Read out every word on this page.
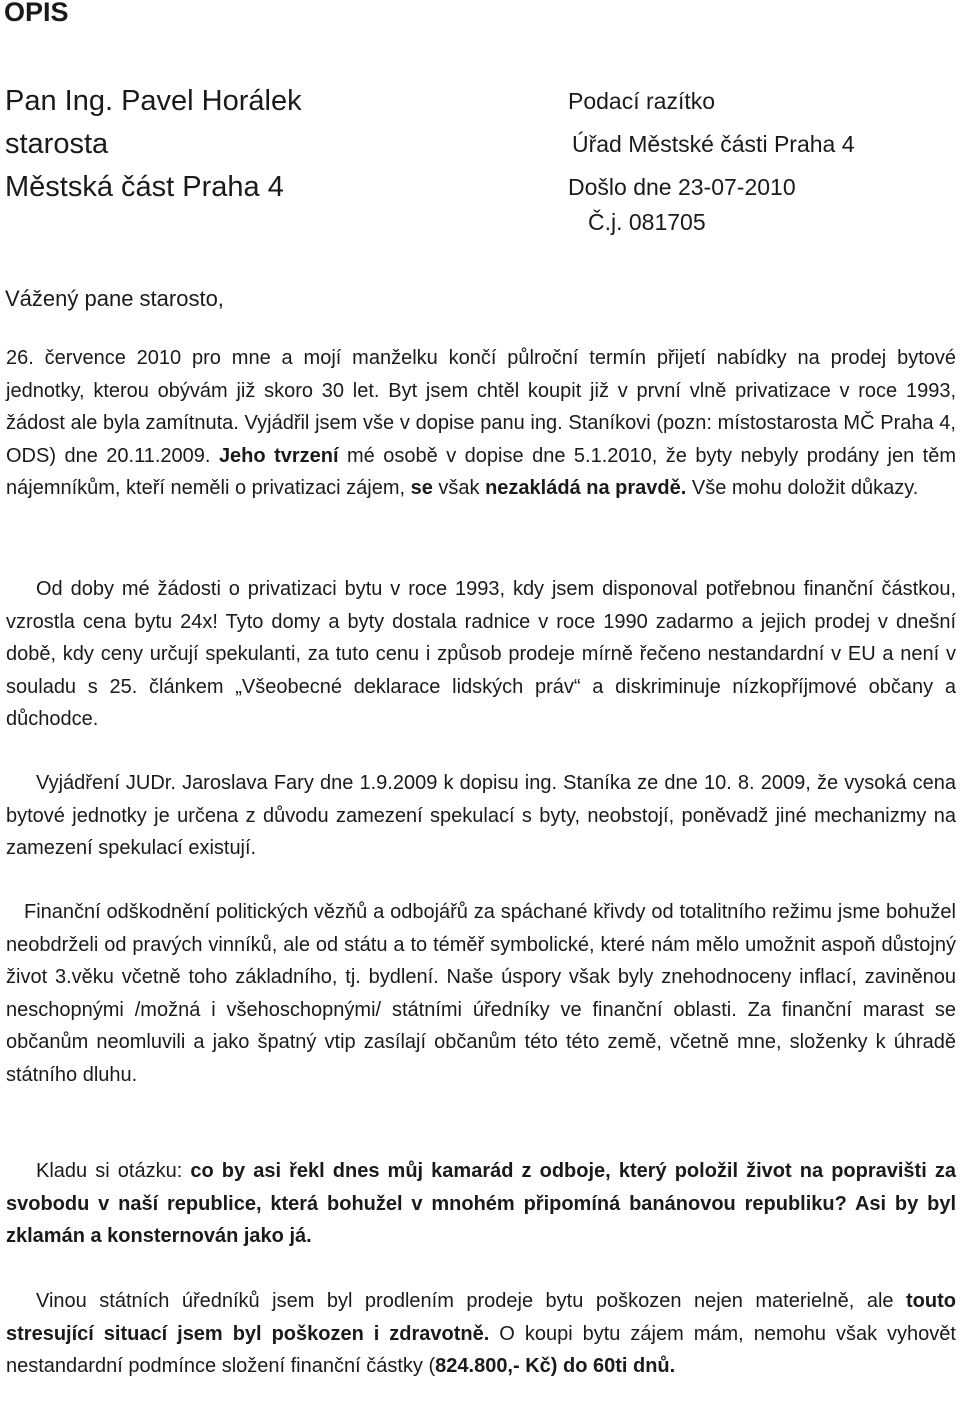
OPIS
Pan Ing. Pavel Horálek
starosta
Městská část Praha 4
Podací razítko
Úřad Městské části Praha 4
Došlo dne 23-07-2010
Č.j. 081705
Vážený pane starosto,

26. července 2010 pro mne a mojí manželku končí půlroční termín přijetí nabídky na prodej bytové jednotky, kterou obývám již skoro 30 let. Byt jsem chtěl koupit již v první vlně privatizace v roce 1993, žádost ale byla zamítnuta. Vyjádřil jsem vše v dopise panu ing. Staníkovi (pozn: místostarosta MČ Praha 4, ODS) dne 20.11.2009. Jeho tvrzení mé osobě v dopise dne 5.1.2010, že byty nebyly prodány jen těm nájemníkům, kteří neměli o privatizaci zájem, se však nezakládá na pravdě. Vše mohu doložit důkazy.

Od doby mé žádosti o privatizaci bytu v roce 1993, kdy jsem disponoval potřebnou finanční částkou, vzrostla cena bytu 24x! Tyto domy a byty dostala radnice v roce 1990 zadarmo a jejich prodej v dnešní době, kdy ceny určují spekulanti, za tuto cenu i způsob prodeje mírně řečeno nestandardní v EU a není v souladu s 25. článkem „Všeobecné deklarace lidských práv“ a diskriminuje nízkopříjmové občany a důchodce.

Vyjádření JUDr. Jaroslava Fary dne 1.9.2009 k dopisu ing. Staníka ze dne 10. 8. 2009, že vysoká cena bytové jednotky je určena z důvodu zamezení spekulací s byty, neobstojí, poněvadž jiné mechanizmy na zamezení spekulací existují.

Finanční odškodnění politických vězňů a odbojářů za spáchané křivdy od totalitního režimu jsme bohužel neobdrželi od pravých vinníků, ale od státu a to téměř symbolické, které nám mělo umožnit aspoň důstojný život 3.věku včetně toho základního, tj. bydlení. Naše úspory však byly znehodnoceny inflací, zaviněnou neschopnými /možná i všehoschopnými/ státními úředníky ve finanční oblasti. Za finanční marast se občanům neomluvili a jako špatný vtip zasílají občanům této této země, včetně mne, složenky k úhradě státního dluhu.

Kladu si otázku: co by asi řekl dnes můj kamarád z odboje, který položil život na popravišti za svobodu v naší republice, která bohužel v mnohém připomíná banánovou republiku? Asi by byl zklamán a konsternován jako já.

Vinou státních úředníků jsem byl prodlením prodeje bytu poškozen nejen materielně, ale touto stresující situací jsem byl poškozen i zdravotně. O koupi bytu zájem mám, nemohu však vyhovět nestandardní podmínce složení finanční částky (824.800,- Kč) do 60ti dnů.
